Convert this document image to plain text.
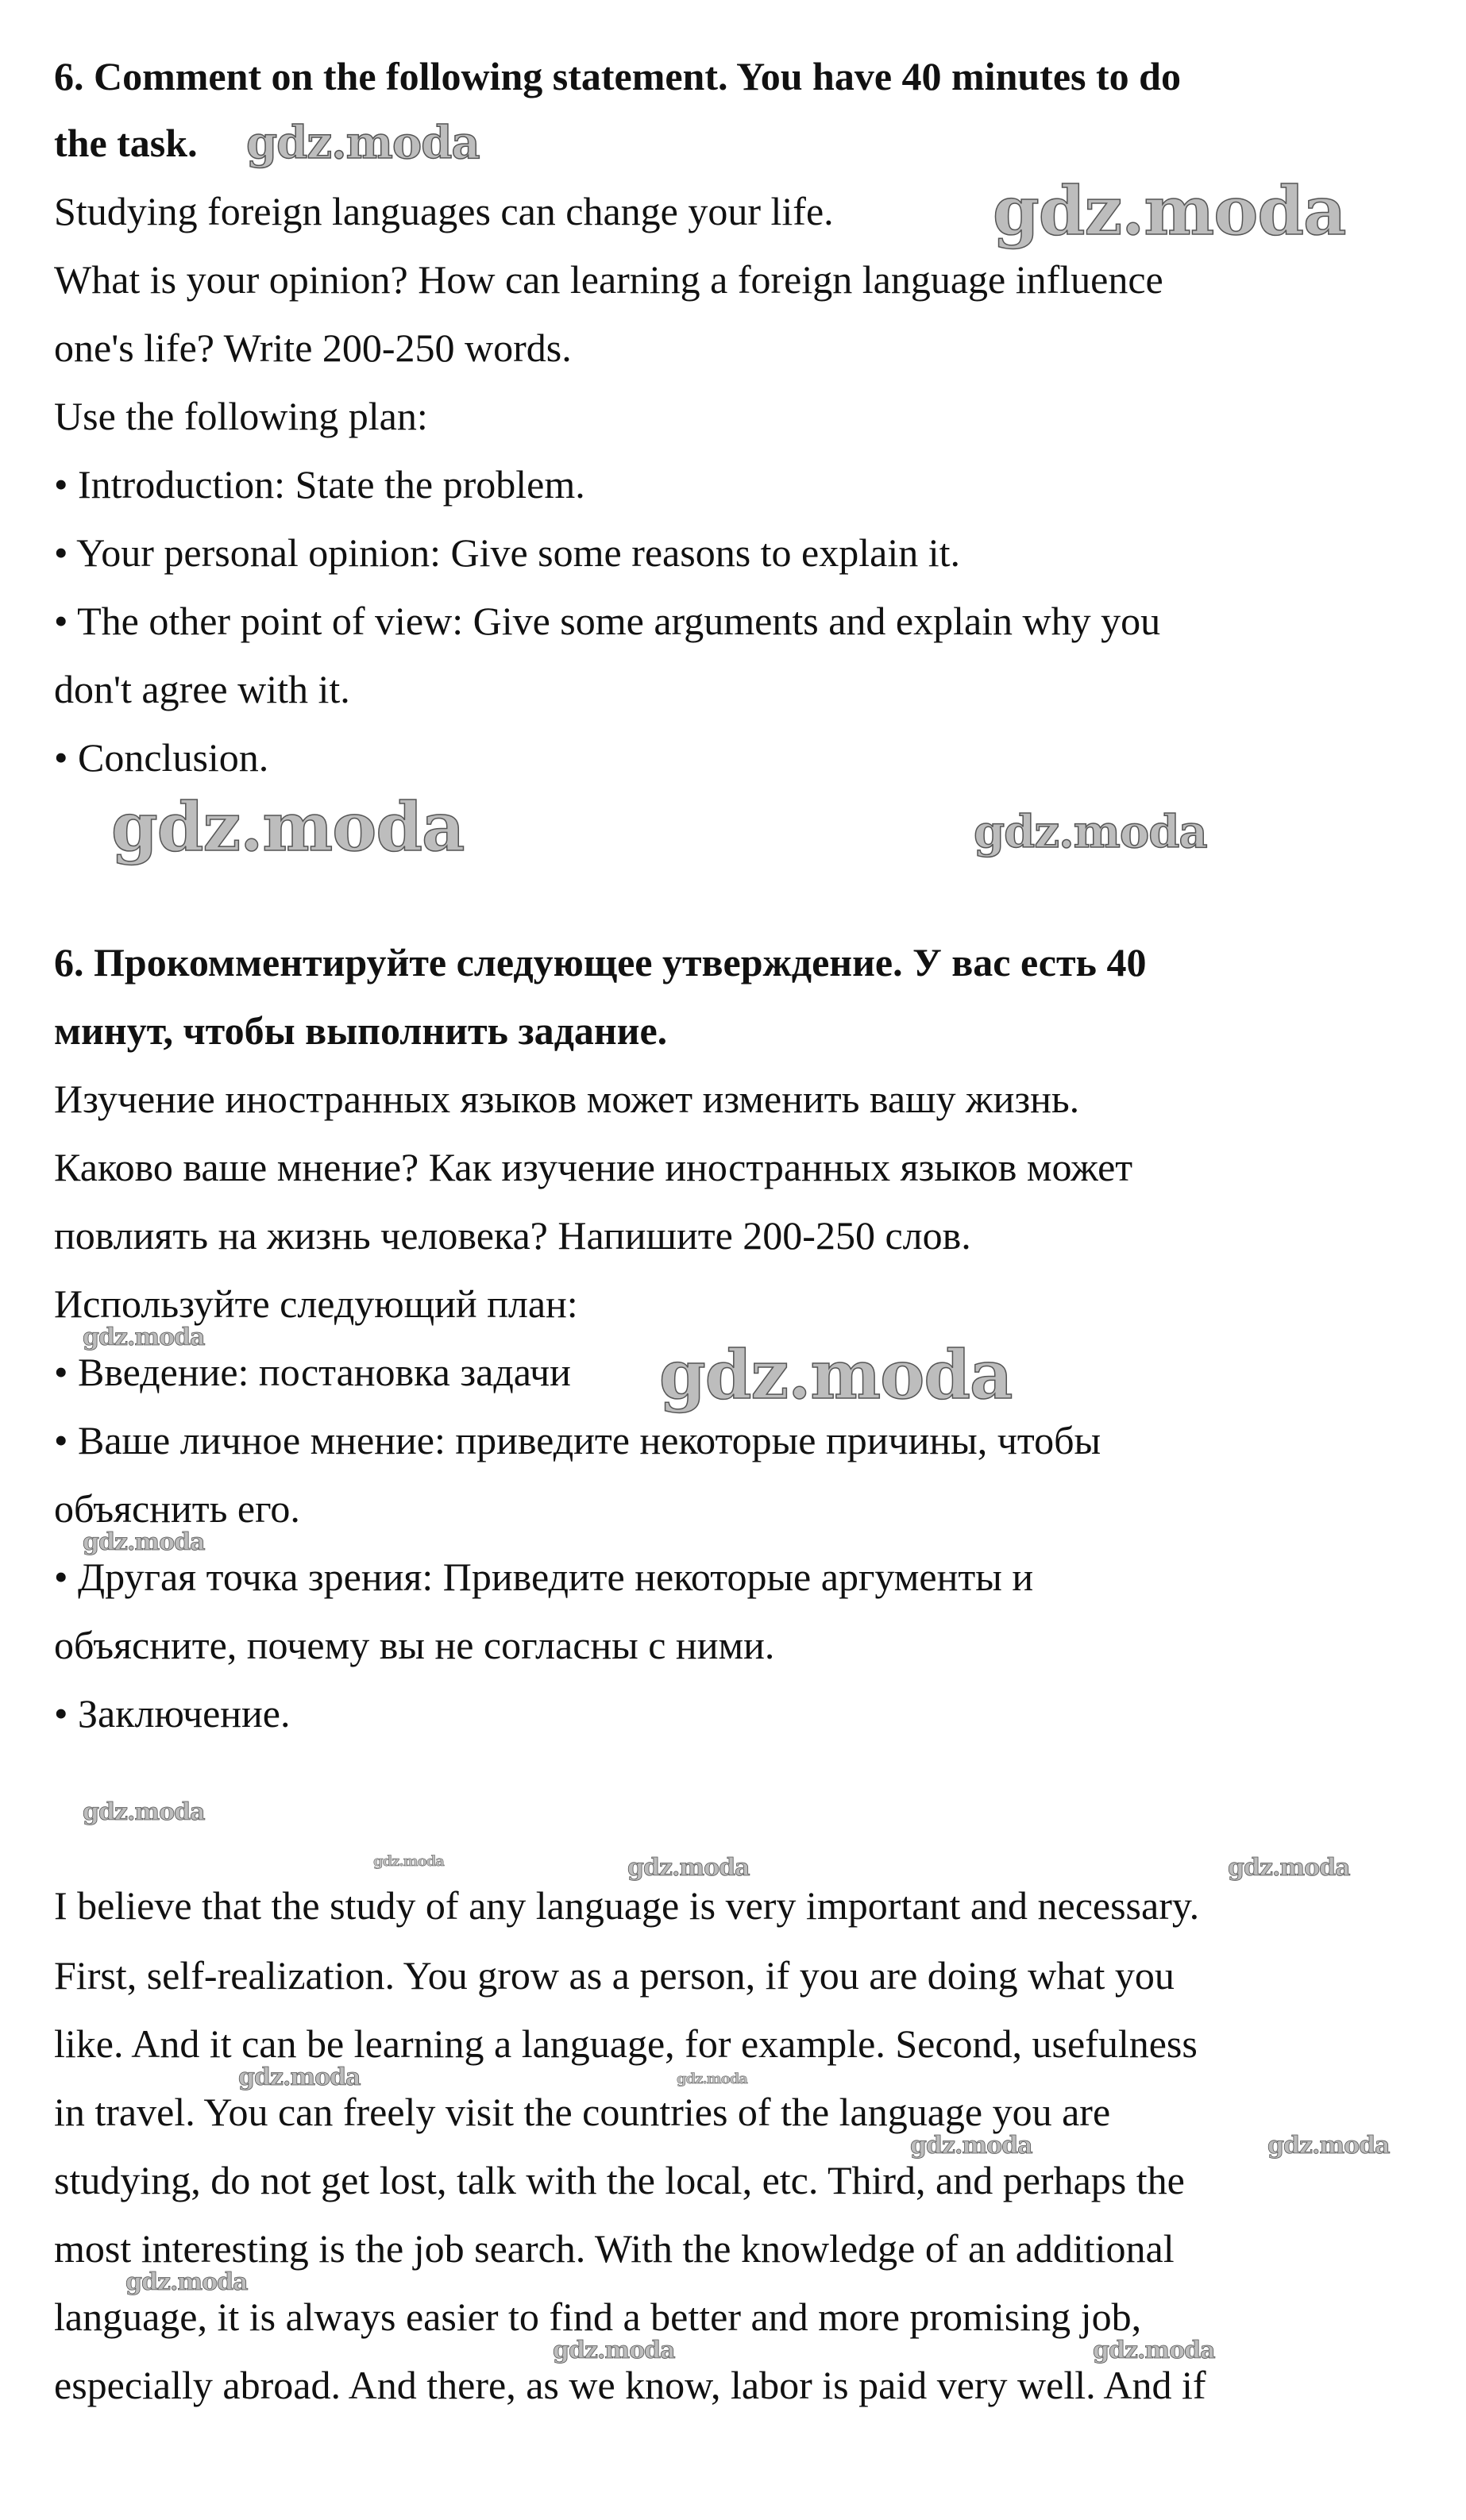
6. Comment on the following statement. You have 40 minutes to do
the task.
Studying foreign languages can change your life.
What is your opinion? How can learning a foreign language influence
one's life? Write 200-250 words.
Use the following plan:
• Introduction: State the problem.
• Your personal opinion: Give some reasons to explain it.
• The other point of view: Give some arguments and explain why you
don't agree with it.
• Conclusion.
6. Прокомментируйте следующее утверждение. У вас есть 40
минут, чтобы выполнить задание.
Изучение иностранных языков может изменить вашу жизнь.
Каково ваше мнение? Как изучение иностранных языков может
повлиять на жизнь человека? Напишите 200-250 слов.
Используйте следующий план:
• Введение: постановка задачи
• Ваше личное мнение: приведите некоторые причины, чтобы
объяснить его.
• Другая точка зрения: Приведите некоторые аргументы и
объясните, почему вы не согласны с ними.
• Заключение.
I believe that the study of any language is very important and necessary.
First, self-realization. You grow as a person, if you are doing what you
like. And it can be learning a language, for example. Second, usefulness
in travel. You can freely visit the countries of the language you are
studying, do not get lost, talk with the local, etc. Third, and perhaps the
most interesting is the job search. With the knowledge of an additional
language, it is always easier to find a better and more promising job,
especially abroad. And there, as we know, labor is paid very well. And if
gdz.moda
gdz.moda
gdz.moda	gdz.moda
gdz.moda	gdz.moda
gdz.moda
gdz.moda
gdz.moda	gdz.moda	gdz.moda
gdz.moda	gdz.moda
gdz.moda	gdz.moda
gdz.moda
gdz.moda	gdz.moda
